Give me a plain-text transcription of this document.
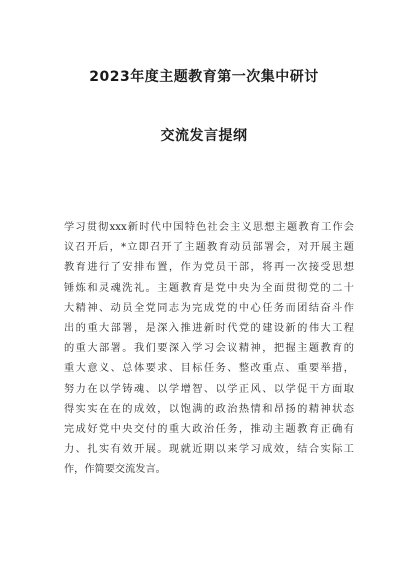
2023年度主题教育第一次集中研讨
交流发言提纲
学习贯彻xxx新时代中国特色社会主义思想主题教育工作会
议召开后，*立即召开了主题教育动员部署会，对开展主题
教育进行了安排布置，作为党员干部，将再一次接受思想
锤炼和灵魂洗礼。主题教育是党中央为全面贯彻党的二十
大精神、动员全党同志为完成党的中心任务而团结奋斗作
出的重大部署，是深入推进新时代党的建设新的伟大工程
的重大部署。我们要深入学习会议精神，把握主题教育的
重大意义、总体要求、目标任务、整改重点、重要举措，
努力在以学铸魂、以学增智、以学正风、以学促干方面取
得实实在在的成效，以饱满的政治热情和昂扬的精神状态
完成好党中央交付的重大政治任务，推动主题教育正确有
力、扎实有效开展。现就近期以来学习成效，结合实际工
作，作简要交流发言。
